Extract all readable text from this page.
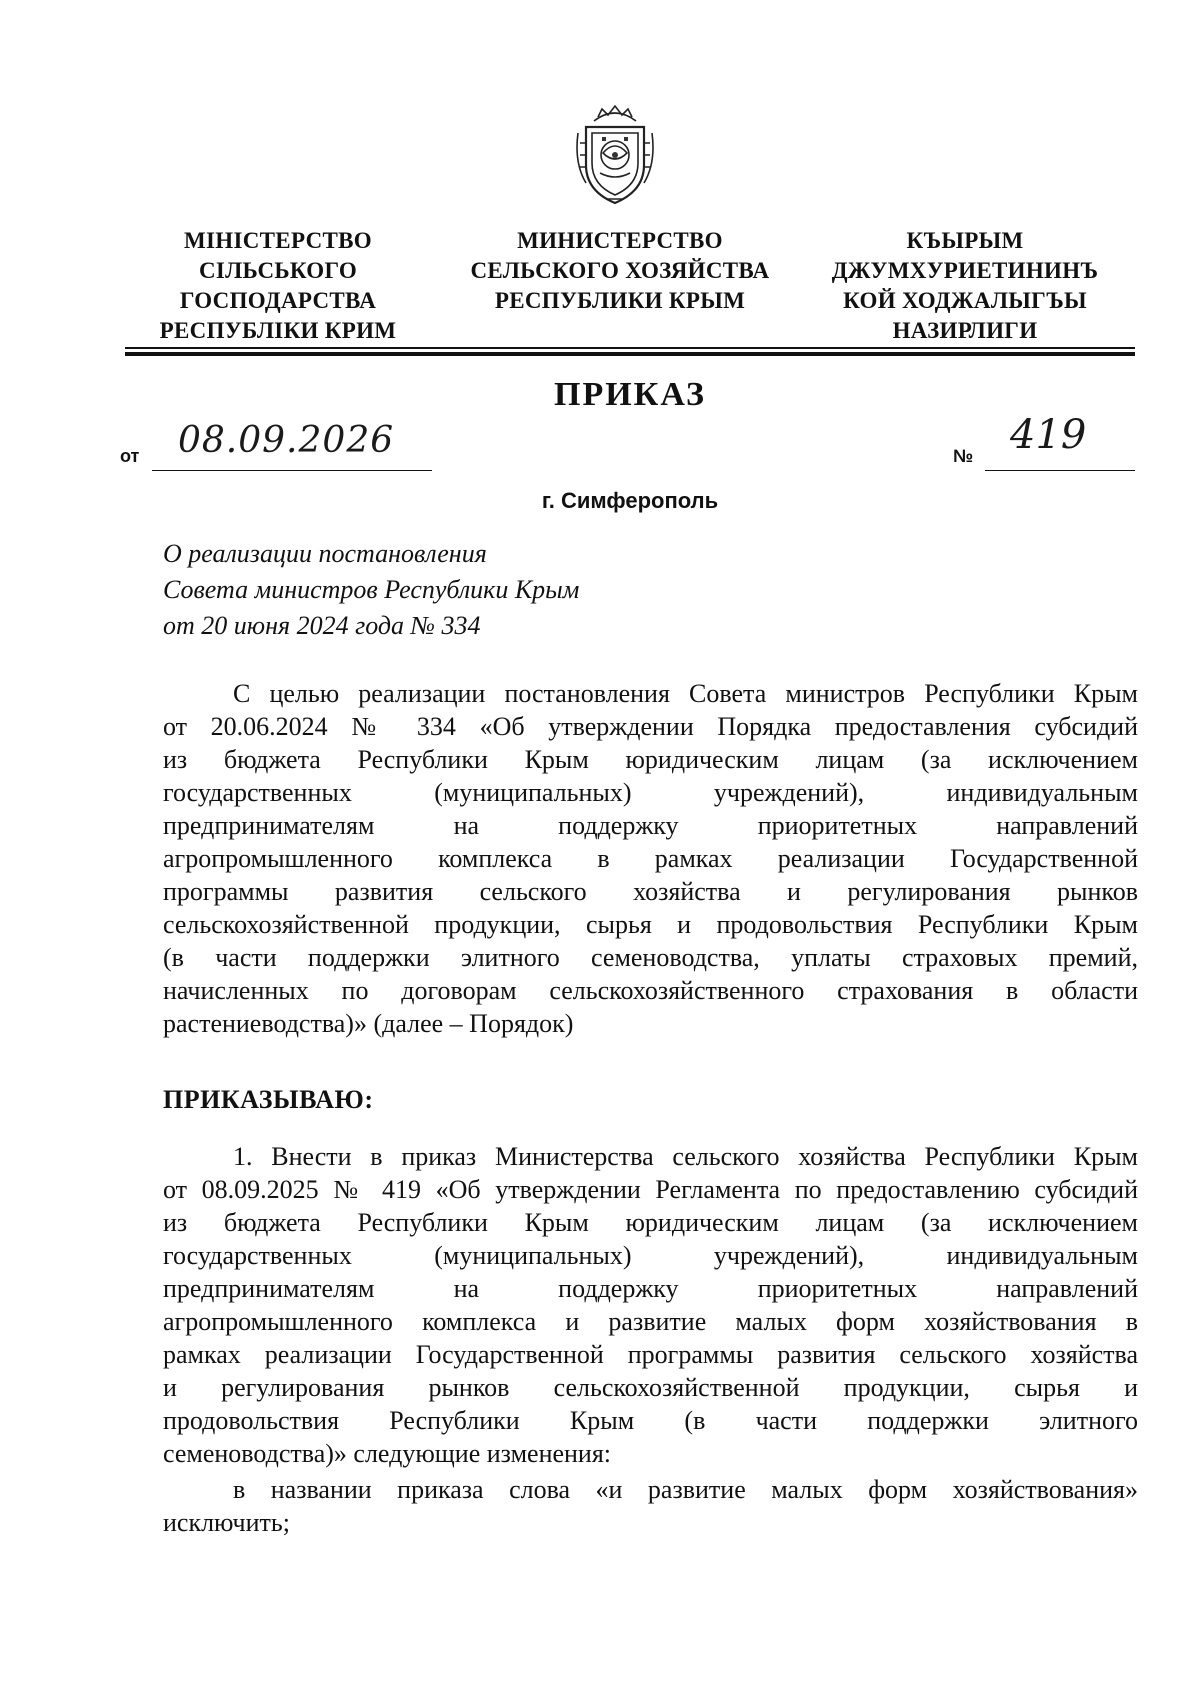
МІНІСТЕРСТВО
СІЛЬСЬКОГО
ГОСПОДАРСТВА
РЕСПУБЛІКИ КРИМ
МИНИСТЕРСТВО
СЕЛЬСКОГО ХОЗЯЙСТВА
РЕСПУБЛИКИ КРЫМ
КЪЫРЫМ
ДЖУМХУРИЕТИНИНЪ
КОЙ ХОДЖАЛЫГЪЫ
НАЗИРЛИГИ
ПРИКАЗ
от 08.09.2026	№ 419
г. Симферополь
О реализации постановления
Совета министров Республики Крым
от 20 июня 2024 года № 334
С целью реализации постановления Совета министров Республики Крым
от 20.06.2024 № 334 «Об утверждении Порядка предоставления субсидий
из бюджета Республики Крым юридическим лицам (за исключением
государственных (муниципальных) учреждений), индивидуальным
предпринимателям на поддержку приоритетных направлений
агропромышленного комплекса в рамках реализации Государственной
программы развития сельского хозяйства и регулирования рынков
сельскохозяйственной продукции, сырья и продовольствия Республики Крым
(в части поддержки элитного семеноводства, уплаты страховых премий,
начисленных по договорам сельскохозяйственного страхования в области
растениеводства)» (далее – Порядок)
ПРИКАЗЫВАЮ:
1. Внести в приказ Министерства сельского хозяйства Республики Крым
от 08.09.2025 № 419 «Об утверждении Регламента по предоставлению субсидий
из бюджета Республики Крым юридическим лицам (за исключением
государственных (муниципальных) учреждений), индивидуальным
предпринимателям на поддержку приоритетных направлений
агропромышленного комплекса и развитие малых форм хозяйствования в
рамках реализации Государственной программы развития сельского хозяйства
и регулирования рынков сельскохозяйственной продукции, сырья и
продовольствия Республики Крым (в части поддержки элитного
семеноводства)» следующие изменения:
в названии приказа слова «и развитие малых форм хозяйствования»
исключить;
